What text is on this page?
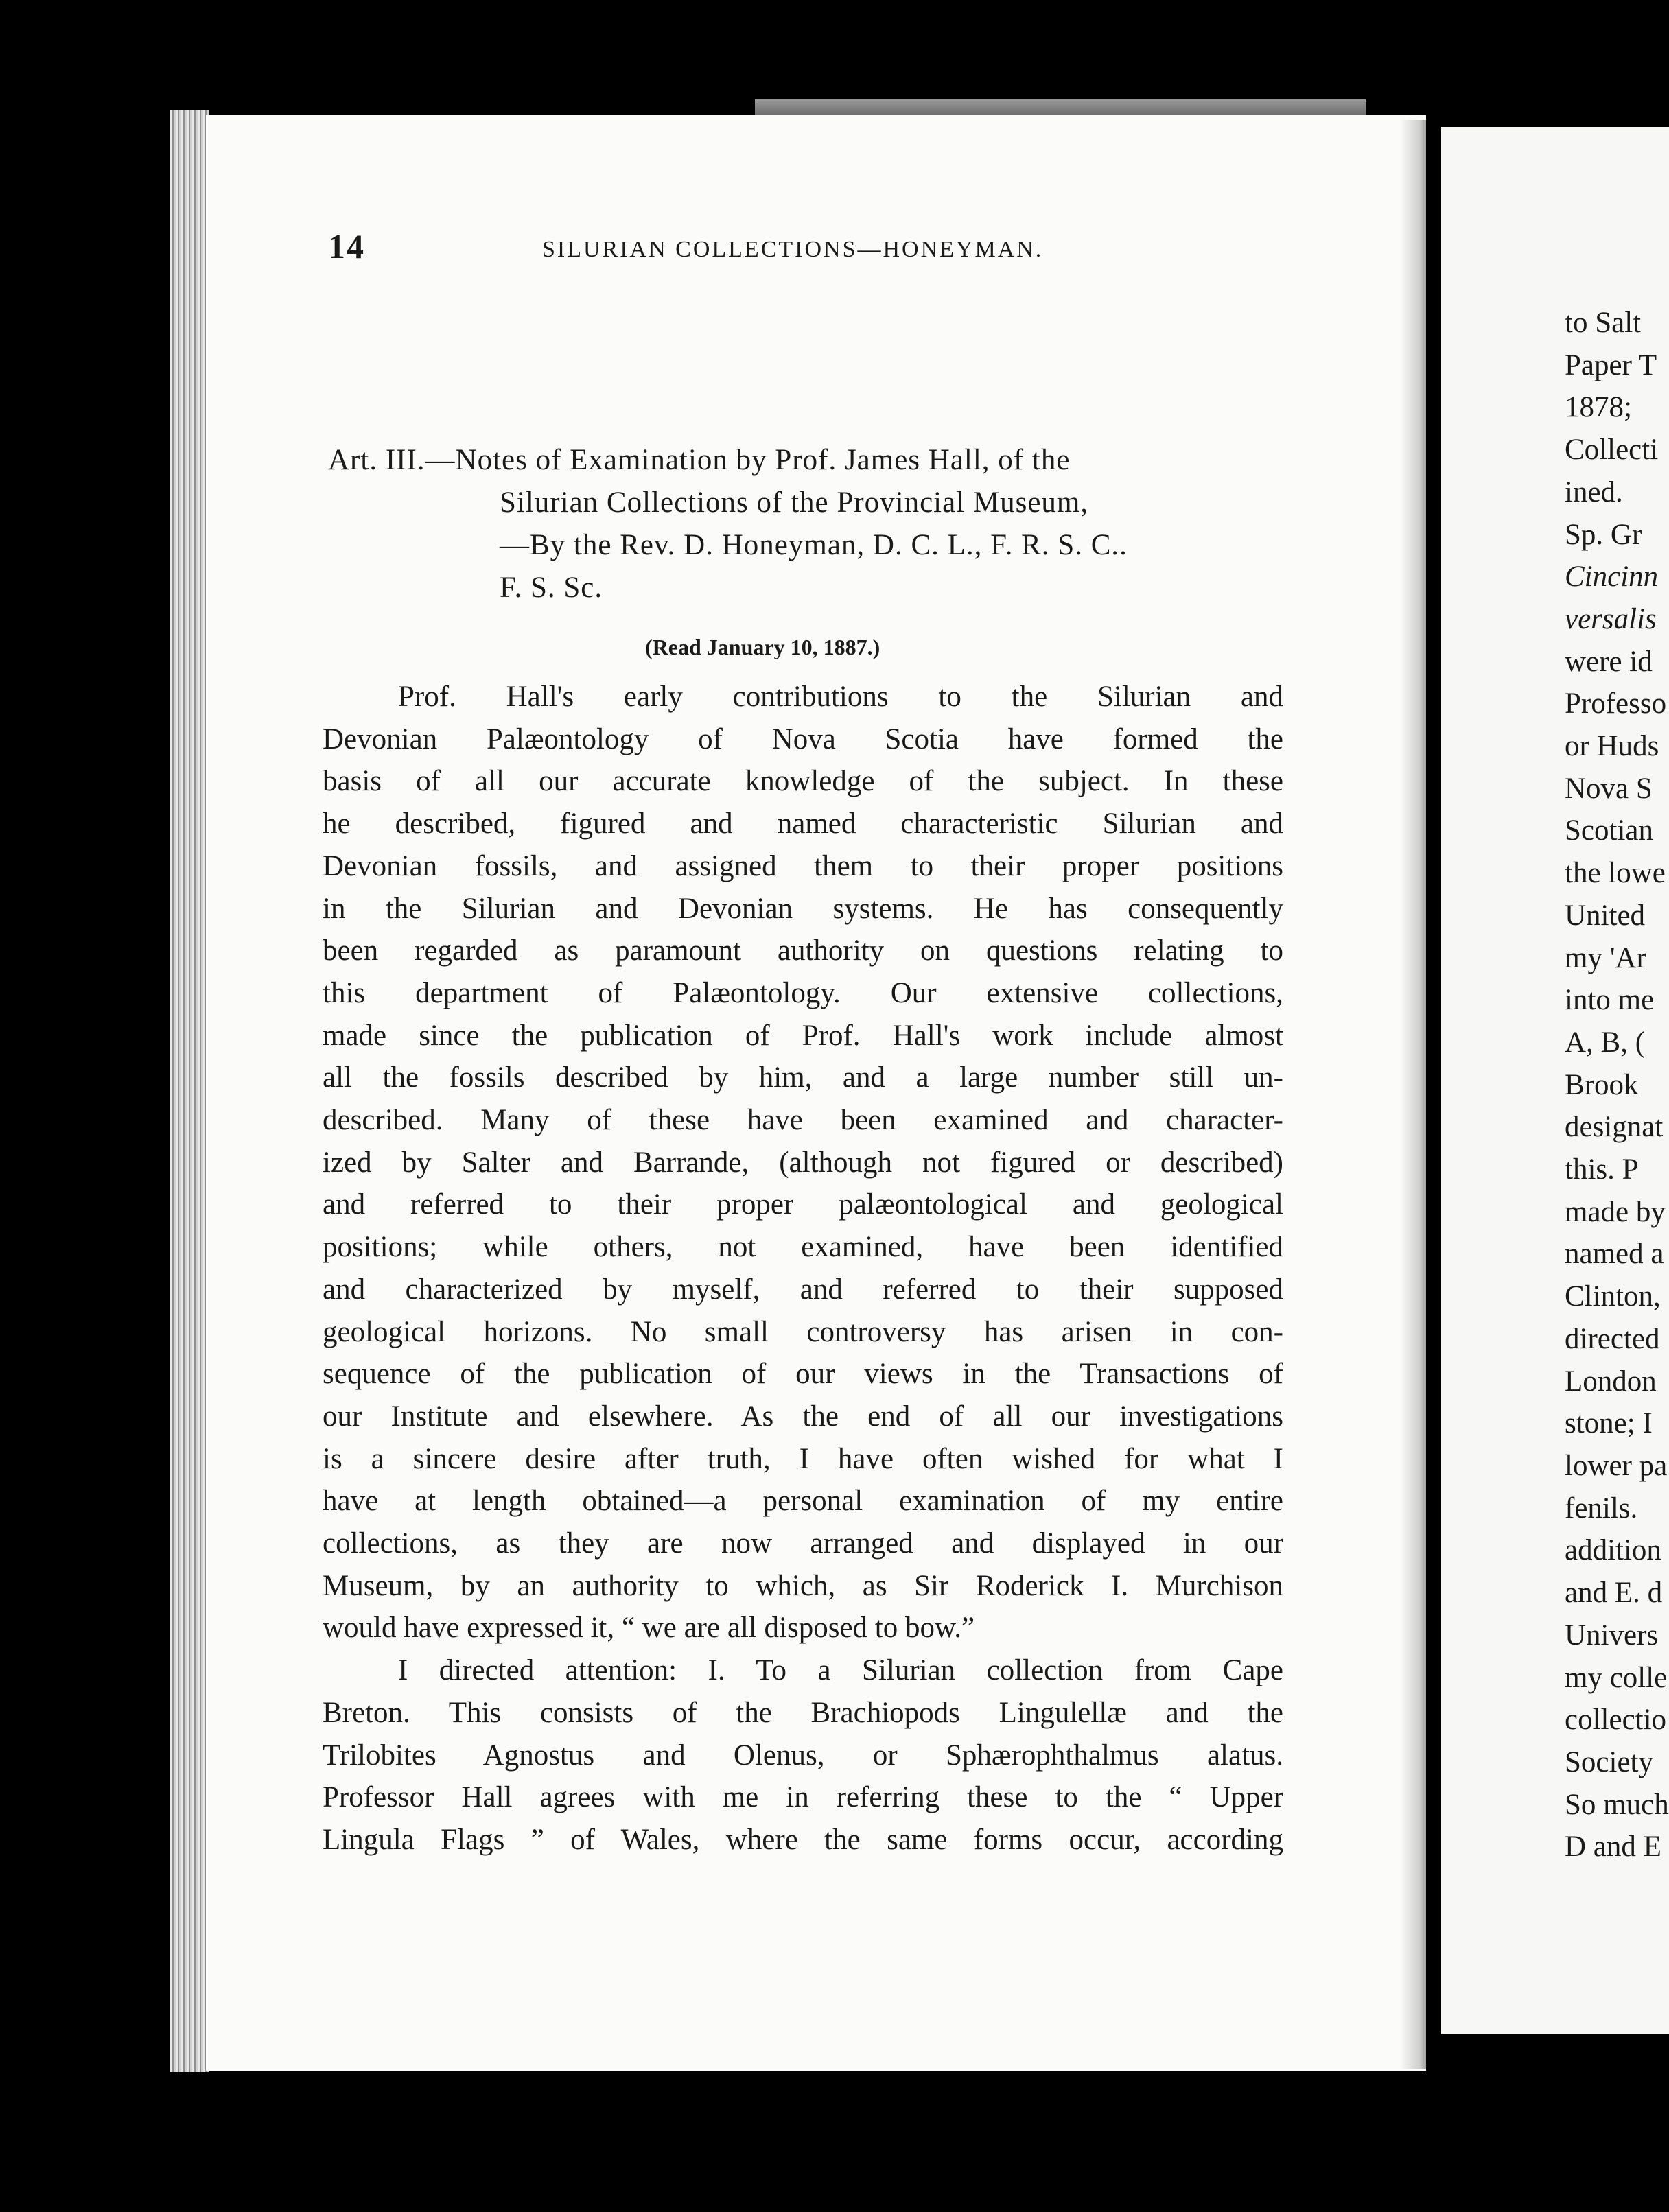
14	SILURIAN COLLECTIONS—HONEYMAN.
Art. III.—Notes of Examination by Prof. James Hall, of the
Silurian Collections of the Provincial Museum,
—By the Rev. D. Honeyman, D. C. L., F. R. S. C..
F. S. Sc.
(Read January 10, 1887.)
Prof. Hall's early contributions to the Silurian and
Devonian Palæontology of Nova Scotia have formed the
basis of all our accurate knowledge of the subject. In these
he described, figured and named characteristic Silurian and
Devonian fossils, and assigned them to their proper positions
in the Silurian and Devonian systems. He has consequently
been regarded as paramount authority on questions relating to
this department of Palæontology. Our extensive collections,
made since the publication of Prof. Hall's work include almost
all the fossils described by him, and a large number still un-
described. Many of these have been examined and character-
ized by Salter and Barrande, (although not figured or described)
and referred to their proper palæontological and geological
positions; while others, not examined, have been identified
and characterized by myself, and referred to their supposed
geological horizons. No small controversy has arisen in con-
sequence of the publication of our views in the Transactions of
our Institute and elsewhere. As the end of all our investigations
is a sincere desire after truth, I have often wished for what I
have at length obtained—a personal examination of my entire
collections, as they are now arranged and displayed in our
Museum, by an authority to which, as Sir Roderick I. Murchison
would have expressed it, “ we are all disposed to bow.”
I directed attention: I. To a Silurian collection from Cape
Breton. This consists of the Brachiopods Lingulellæ and the
Trilobites Agnostus and Olenus, or Sphærophthalmus alatus.
Professor Hall agrees with me in referring these to the “ Upper
Lingula Flags ” of Wales, where the same forms occur, according
to Salt
Paper T
1878;
Collecti
ined.
Sp. Gr
Cincinn
versalis
were id
Professo
or Huds
Nova S
Scotian
the lowe
United
my 'Ar
into me
A, B, (
Brook
designat
this. P
made by
named a
Clinton,
directed
London
stone; I
lower pa
fenils.
addition
and E. d
Univers
my colle
collectio
Society
So much
D and E
